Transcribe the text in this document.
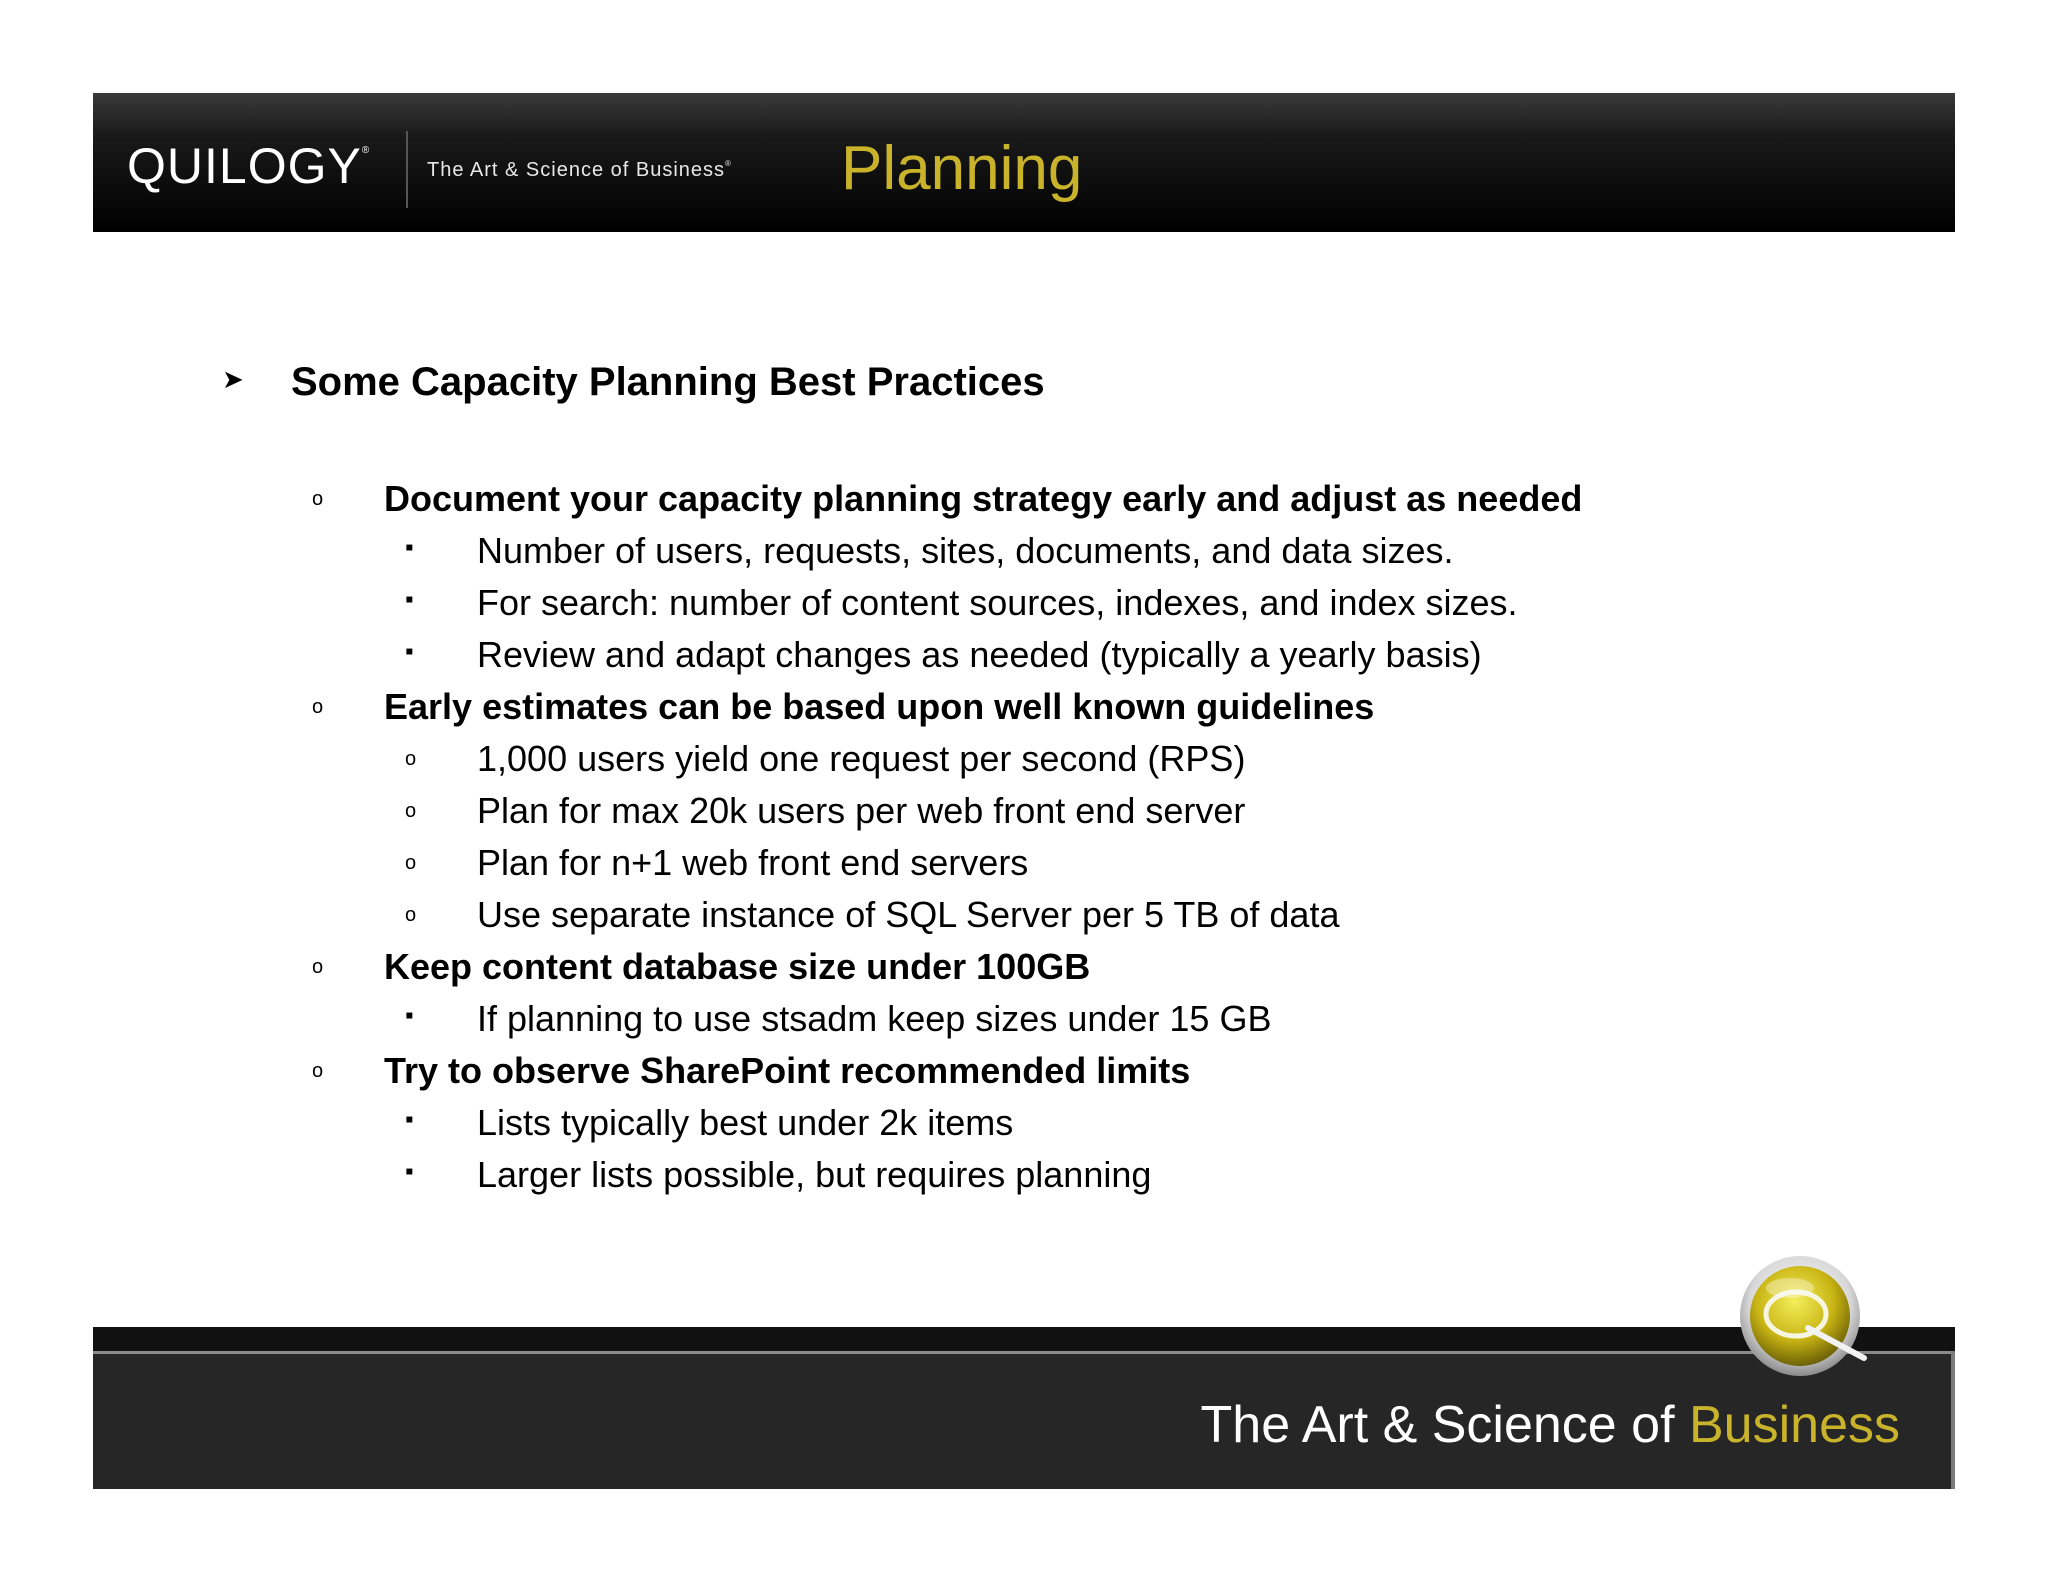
QUILOGY®
The Art & Science of Business® Planning
➤ Some Capacity Planning Best Practices
o Document your capacity planning strategy early and adjust as needed
▪ Number of users, requests, sites, documents, and data sizes.
▪ For search: number of content sources, indexes, and index sizes.
▪ Review and adapt changes as needed (typically a yearly basis)
o Early estimates can be based upon well known guidelines
o 1,000 users yield one request per second (RPS)
o Plan for max 20k users per web front end server
o Plan for n+1 web front end servers
o Use separate instance of SQL Server per 5 TB of data
o Keep content database size under 100GB
▪ If planning to use stsadm keep sizes under 15 GB
o Try to observe SharePoint recommended limits
▪ Lists typically best under 2k items
▪ Larger lists possible, but requires planning
The Art & Science of Business
